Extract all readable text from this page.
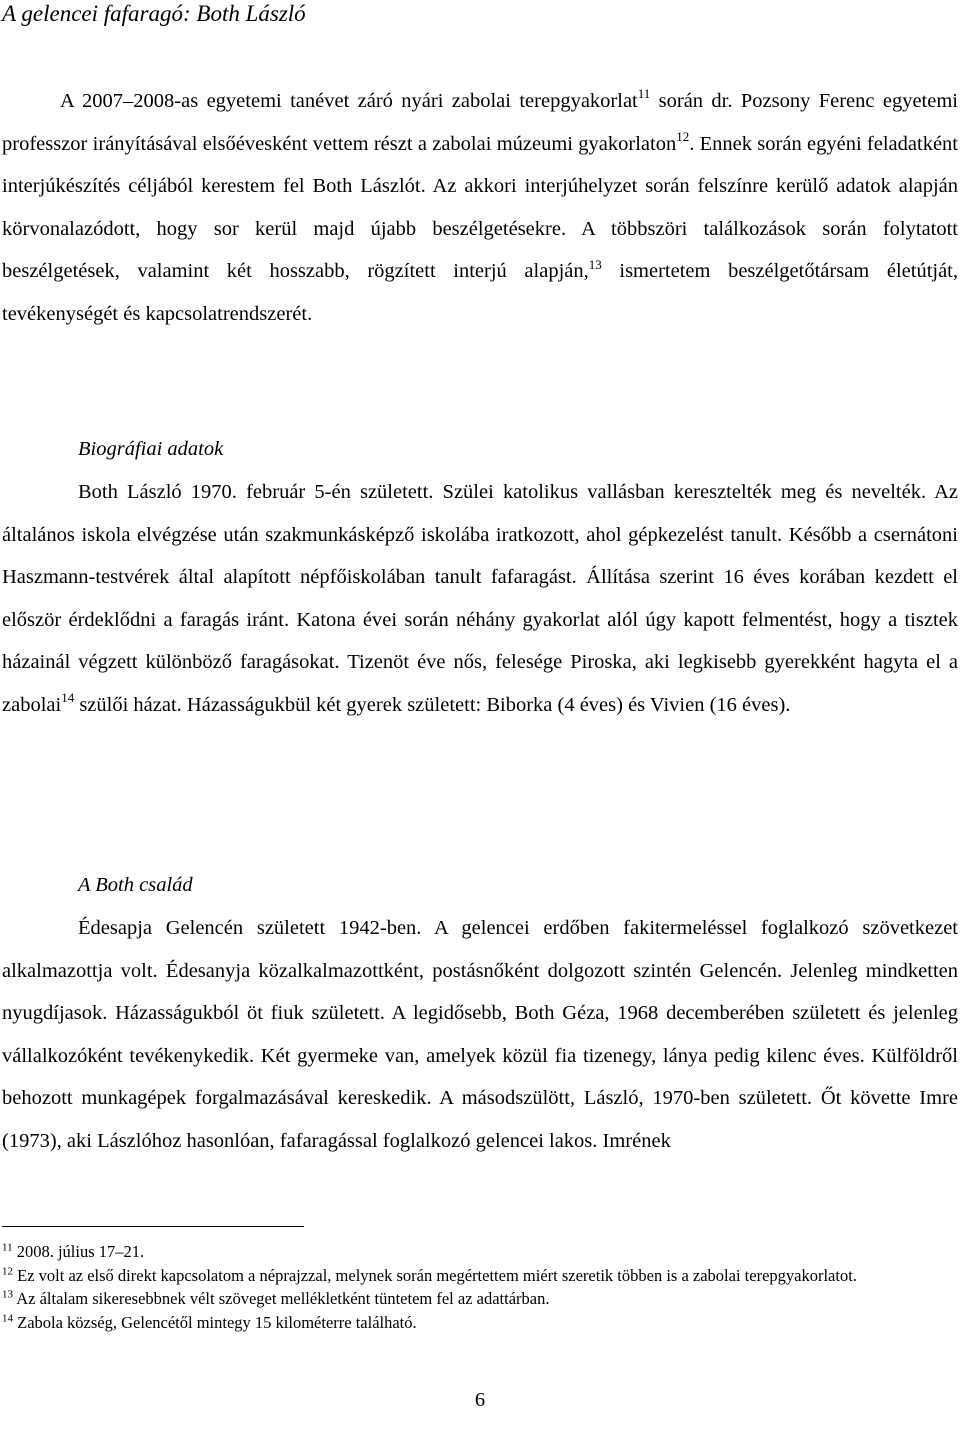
A gelencei fafaragó: Both László

A 2007–2008-as egyetemi tanévet záró nyári zabolai terepgyakorlat$^{11}$ során dr. Pozsony Ferenc egyetemi professzor irányításával elsőévesként vettem részt a zabolai múzeumi gyakorlaton$^{12}$. Ennek során egyéni feladatként interjúkészítés céljából kerestem fel Both Lászlót. Az akkori interjúhelyzet során felszínre kerülő adatok alapján körvonalazódott, hogy sor kerül majd újabb beszélgetésekre. A többszöri találkozások során folytatott beszélgetések, valamint két hosszabb, rögzített interjú alapján,$^{13}$ ismertetem beszélgetőtársam életútját, tevékenységét és kapcsolatrendszerét.

Biográfiai adatok

Both László 1970. február 5-én született. Szülei katolikus vallásban keresztelték meg és nevelték. Az általános iskola elvégzése után szakmunkásképző iskolába iratkozott, ahol gépkezelést tanult. Később a csernátoni Haszmann-testvérek által alapított népfőiskolában tanult fafaragást. Állítása szerint 16 éves korában kezdett el először érdeklődni a faragás iránt. Katona évei során néhány gyakorlat alól úgy kapott felmentést, hogy a tisztek házainál végzett különböző faragásokat. Tizenöt éve nős, felesége Piroska, aki legkisebb gyerekként hagyta el a zabolai$^{14}$ szülői házat. Házasságukbül két gyerek született: Biborka (4 éves) és Vivien (16 éves).

A Both család

Édesapja Gelencén született 1942-ben. A gelencei erdőben fakitermeléssel foglalkozó szövetkezet alkalmazottja volt. Édesanyja közalkalmazottként, postásnőként dolgozott szintén Gelencén. Jelenleg mindketten nyugdíjasok. Házasságukból öt fiuk született. A legidősebb, Both Géza, 1968 decemberében született és jelenleg vállalkozóként tevékenykedik. Két gyermeke van, amelyek közül fia tizenegy, lánya pedig kilenc éves. Külföldről behozott munkagépek forgalmazásával kereskedik. A másodszülött, László, 1970-ben született. Őt követte Imre (1973), aki Lászlóhoz hasonlóan, fafaragással foglalkozó gelencei lakos. Imrének

$^{11}$ 2008. július 17–21.

$^{12}$ Ez volt az első direkt kapcsolatom a néprajzzal, melynek során megértettem miért szeretik többen is a zabolai terepgyakorlatot.

$^{13}$ Az általam sikeresebbnek vélt szöveget mellékletként tüntetem fel az adattárban.

$^{14}$ Zabola község, Gelencétől mintegy 15 kilométerre található.

6
